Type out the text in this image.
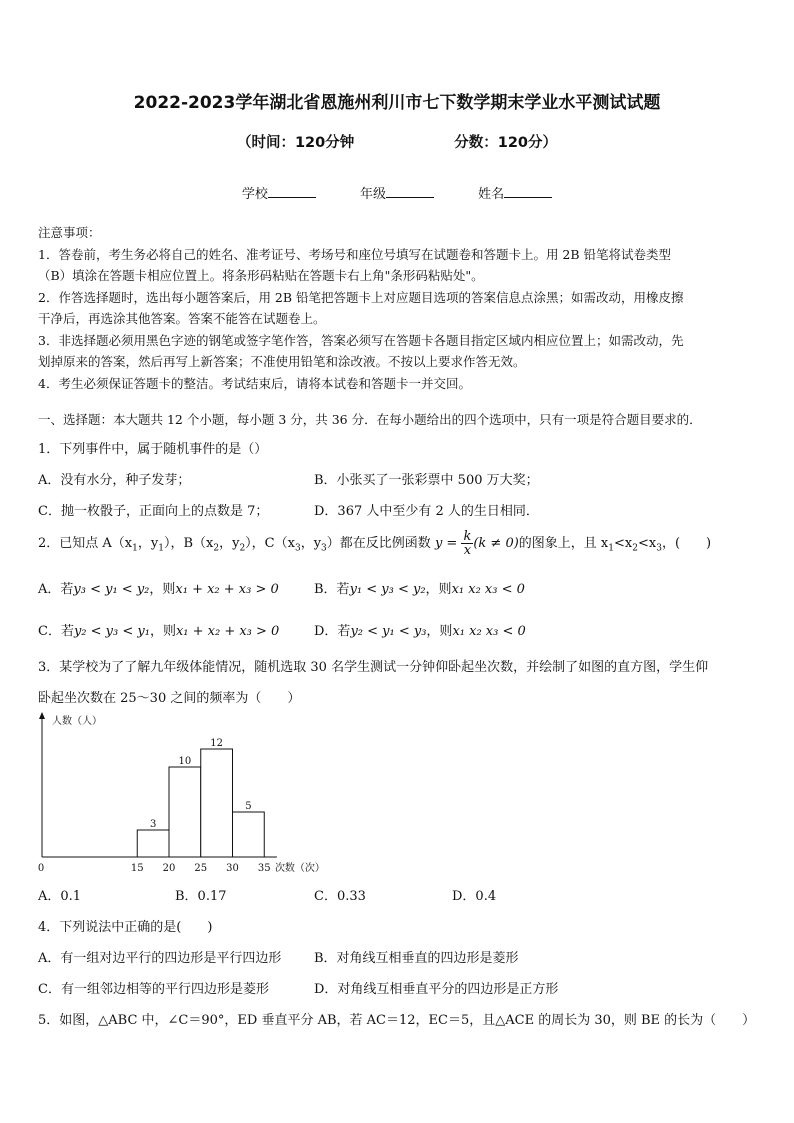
2022-2023学年湖北省恩施州利川市七下数学期末学业水平测试试题
（时间：120分钟	分数：120分）
学校	年级	姓名

注意事项：

1．答卷前，考生务必将自己的姓名、准考证号、考场号和座位号填写在试题卷和答题卡上。用 2B 铅笔将试卷类型

（B）填涂在答题卡相应位置上。将条形码粘贴在答题卡右上角"条形码粘贴处"。

2．作答选择题时，选出每小题答案后，用 2B 铅笔把答题卡上对应题目选项的答案信息点涂黑；如需改动，用橡皮擦

干净后，再选涂其他答案。答案不能答在试题卷上。

3．非选择题必须用黑色字迹的钢笔或签字笔作答，答案必须写在答题卡各题目指定区域内相应位置上；如需改动，先

划掉原来的答案，然后再写上新答案；不准使用铅笔和涂改液。不按以上要求作答无效。

4．考生必须保证答题卡的整洁。考试结束后，请将本试卷和答题卡一并交回。

一、选择题：本大题共 12 个小题，每小题 3 分，共 36 分．在每小题给出的四个选项中，只有一项是符合题目要求的．
1．下列事件中，属于随机事件的是（）
A．没有水分，种子发芽；	B．小张买了一张彩票中 500 万大奖；
C．抛一枚骰子，正面向上的点数是 7；	D．367 人中至少有 2 人的生日相同．
2．已知点 $A(x_1$，$y_1$），$B(x_2$，$y_2$），$C(x_3$，$y_3$）都在反比例函数 $y = \frac{k}{x} (k \ne 0)$的图象上，且 $x_1<x_2<x_3$，(　　)
A．若y₃ < y₁ < y₂，则x₁ + x₂ + x₃ > 0	B．若y₁ < y₃ < y₂，则x₁ x₂ x₃ < 0
C．若y₂ < y₃ < y₁，则x₁ + x₂ + x₃ > 0	D．若y₂ < y₁ < y₃，则x₁ x₂ x₃ < 0
3．某学校为了了解九年级体能情况，随机选取 30 名学生测试一分钟仰卧起坐次数，并绘制了如图的直方图，学生仰
卧起坐次数在 25～30 之间的频率为（　　）
3
10
12
5
0	15 20 25 30 35
人数（人）
次数（次）
A．0.1	B．0.17	C．0.33	D．0.4
4．下列说法中正确的是(　　)
A．有一组对边平行的四边形是平行四边形	B．对角线互相垂直的四边形是菱形
C．有一组邻边相等的平行四边形是菱形	D．对角线互相垂直平分的四边形是正方形
5．如图，△ABC 中，∠C＝90°，ED 垂直平分 AB，若 AC＝12，EC＝5，且△ACE 的周长为 30，则 BE 的长为（　　）
